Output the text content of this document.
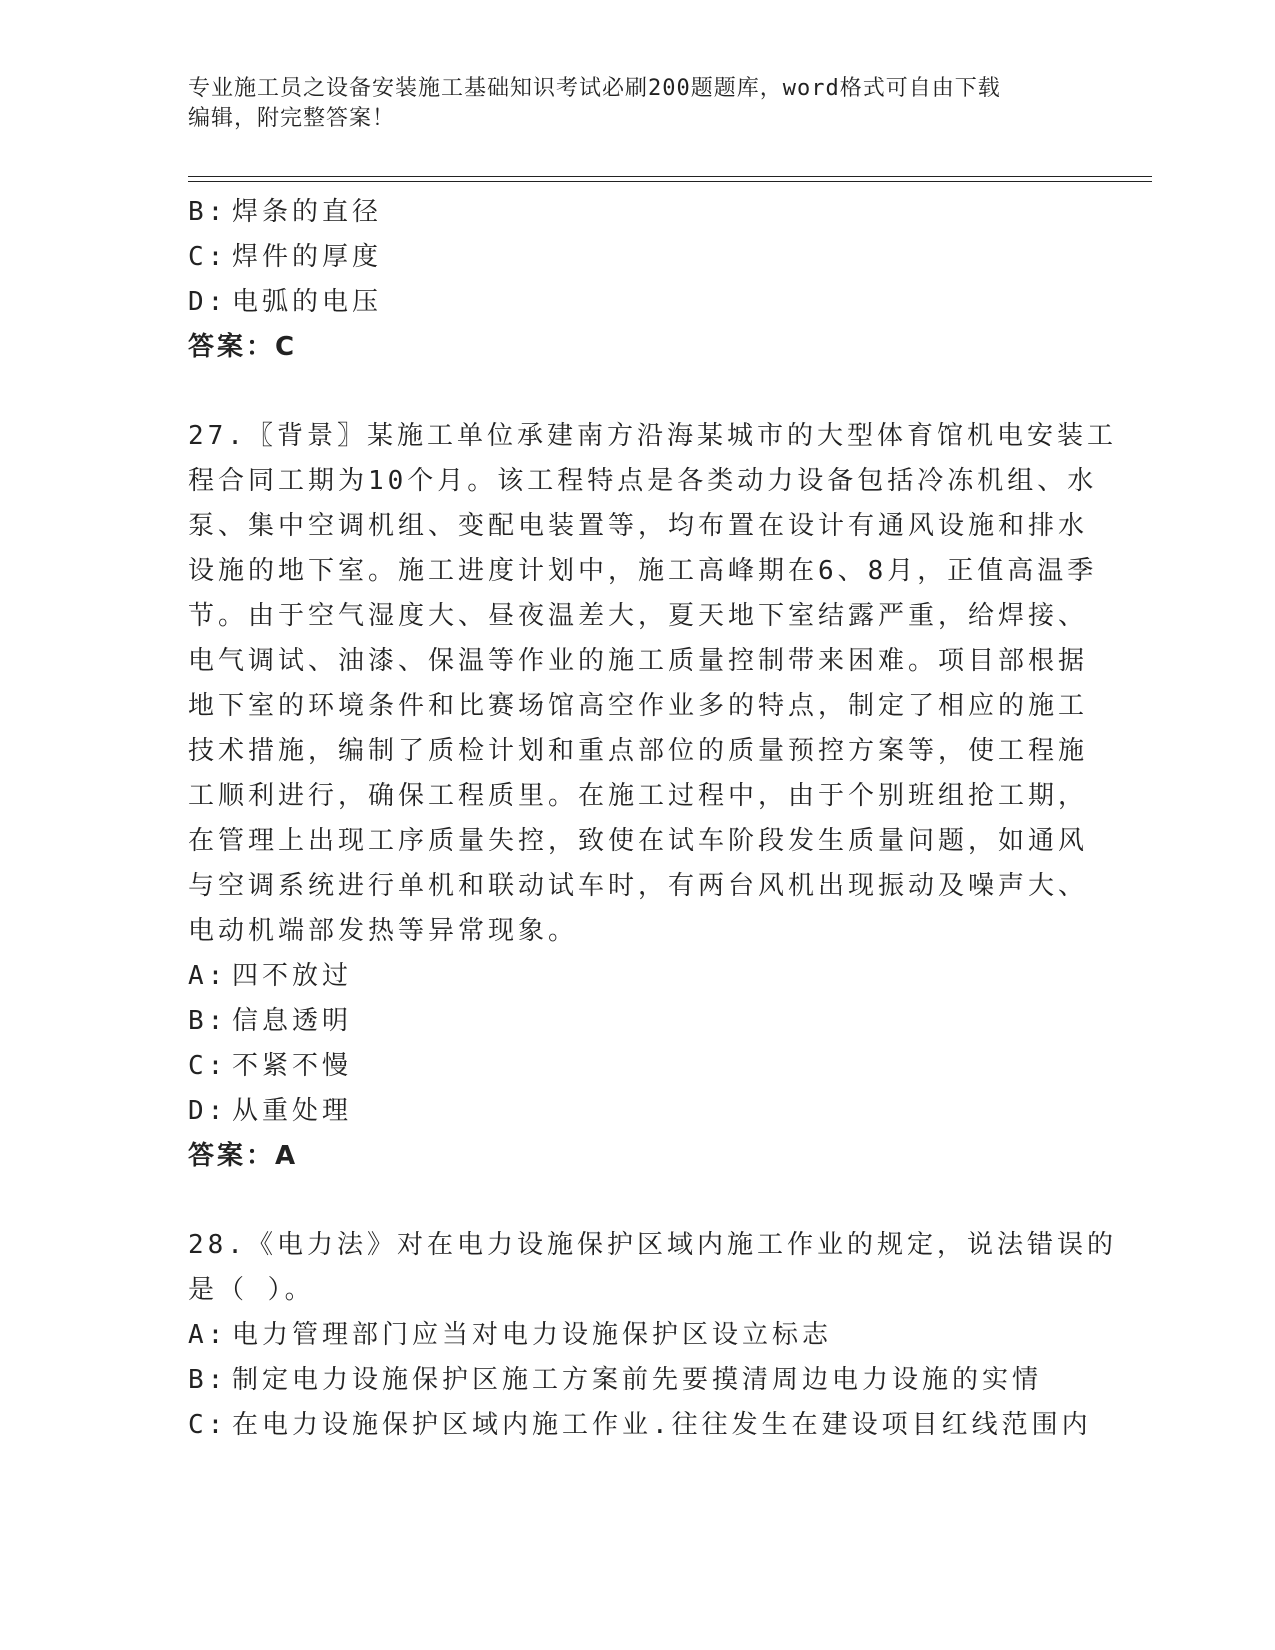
专业施工员之设备安装施工基础知识考试必刷200题题库，word格式可自由下载
编辑，附完整答案！
B: 焊条的直径
C: 焊件的厚度
D: 电弧的电压
答案：C
27.〖背景〗某施工单位承建南方沿海某城市的大型体育馆机电安装工
程合同工期为10个月。该工程特点是各类动力设备包括冷冻机组、水
泵、集中空调机组、变配电装置等，均布置在设计有通风设施和排水
设施的地下室。施工进度计划中，施工高峰期在6、8月，正值高温季
节。由于空气湿度大、昼夜温差大，夏天地下室结露严重，给焊接、
电气调试、油漆、保温等作业的施工质量控制带来困难。项目部根据
地下室的环境条件和比赛场馆高空作业多的特点，制定了相应的施工
技术措施，编制了质检计划和重点部位的质量预控方案等，使工程施
工顺利进行，确保工程质里。在施工过程中，由于个别班组抢工期，
在管理上出现工序质量失控，致使在试车阶段发生质量问题，如通风
与空调系统进行单机和联动试车时，有两台风机出现振动及噪声大、
电动机端部发热等异常现象。
A: 四不放过
B: 信息透明
C: 不紧不慢
D: 从重处理
答案：A
28.《电力法》对在电力设施保护区域内施工作业的规定，说法错误的
是（ ）。
A: 电力管理部门应当对电力设施保护区设立标志
B: 制定电力设施保护区施工方案前先要摸清周边电力设施的实情
C: 在电力设施保护区域内施工作业.往往发生在建设项目红线范围内
